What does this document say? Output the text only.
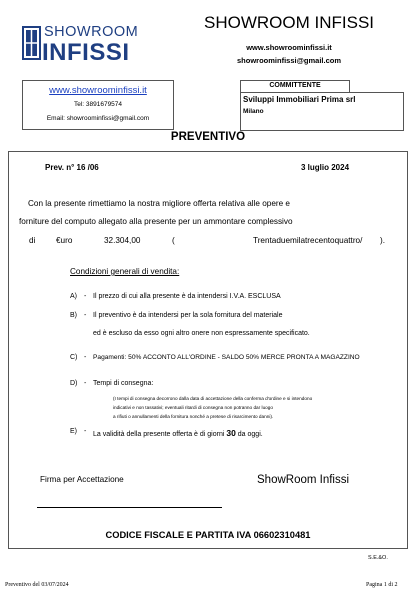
SHOWROOM
INFISSI
SHOWROOM INFISSI
www.showroominfissi.it
showroominfissi@gmail.com
www.showroominfissi.it
Tel: 3891679574
Email: showroominfissi@gmail.com
COMMITTENTE
Sviluppi Immobiliari Prima srl
Milano
PREVENTIVO
Prev. n° 16 /06	3 luglio 2024
Con la presente rimettiamo la nostra migliore offerta relativa alle opere e
forniture del computo allegato alla presente per un ammontare complessivo
di	€uro	32.304,00	(	Trentaduemilatrecentoquattro/ ).
Condizioni generali di vendita:
A) - Il prezzo di cui alla presente è da intendersi I.V.A. ESCLUSA
B) - Il preventivo è da intendersi per la sola fornitura del materiale
ed è escluso da esso ogni altro onere non espressamente specificato.
C) - Pagamenti: 50% ACCONTO ALL'ORDINE - SALDO 50% MERCE PRONTA A MAGAZZINO
D) - Tempi di consegna:
(I tempi di consegna decorrono dalla data di accettazione della conferma d'ordine e si intendono
indicativi e non tassativi; eventuali ritardi di consegna non potranno dar luogo
a rifiuti o annullamenti della fornitura nonché a pretese di risarcimento danni).
E) - La validità della presente offerta è di giorni 30 da oggi.
Firma per Accettazione	ShowRoom Infissi
CODICE FISCALE E PARTITA IVA 06602310481
S.E.&O.
Preventivo del 03/07/2024	Pagina 1 di 2
